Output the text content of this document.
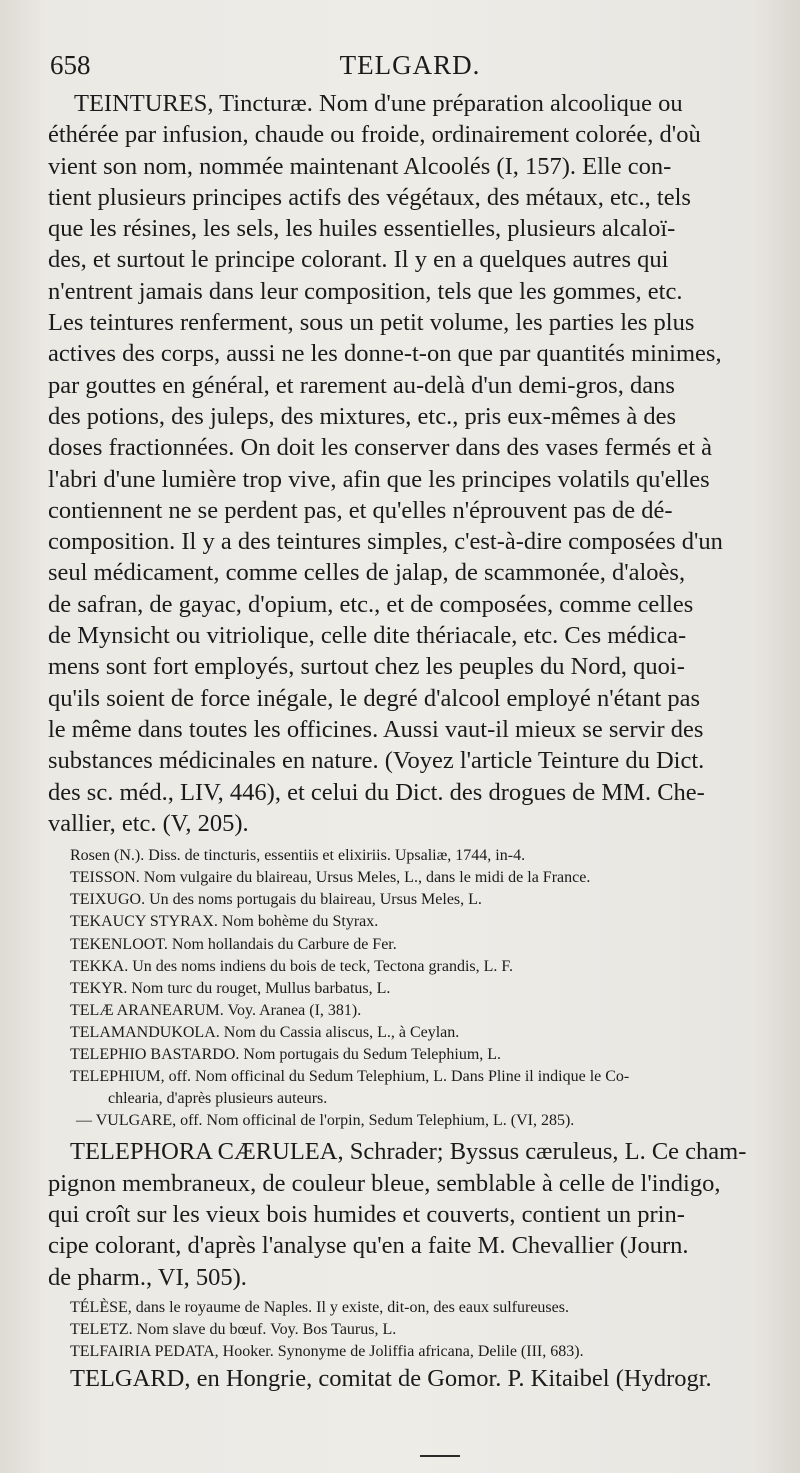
658	TELGARD.
TEINTURES, Tincturæ. Nom d'une préparation alcoolique ou
éthérée par infusion, chaude ou froide, ordinairement colorée, d'où
vient son nom, nommée maintenant Alcoolés (I, 157). Elle con-
tient plusieurs principes actifs des végétaux, des métaux, etc., tels
que les résines, les sels, les huiles essentielles, plusieurs alcaloï-
des, et surtout le principe colorant. Il y en a quelques autres qui
n'entrent jamais dans leur composition, tels que les gommes, etc.
Les teintures renferment, sous un petit volume, les parties les plus
actives des corps, aussi ne les donne-t-on que par quantités minimes,
par gouttes en général, et rarement au-delà d'un demi-gros, dans
des potions, des juleps, des mixtures, etc., pris eux-mêmes à des
doses fractionnées. On doit les conserver dans des vases fermés et à
l'abri d'une lumière trop vive, afin que les principes volatils qu'elles
contiennent ne se perdent pas, et qu'elles n'éprouvent pas de dé-
composition. Il y a des teintures simples, c'est-à-dire composées d'un
seul médicament, comme celles de jalap, de scammonée, d'aloès,
de safran, de gayac, d'opium, etc., et de composées, comme celles
de Mynsicht ou vitriolique, celle dite thériacale, etc. Ces médica-
mens sont fort employés, surtout chez les peuples du Nord, quoi-
qu'ils soient de force inégale, le degré d'alcool employé n'étant pas
le même dans toutes les officines. Aussi vaut-il mieux se servir des
substances médicinales en nature. (Voyez l'article Teinture du Dict.
des sc. méd., LIV, 446), et celui du Dict. des drogues de MM. Che-
vallier, etc. (V, 205).
Rosen (N.). Diss. de tincturis, essentiis et elixiriis. Upsaliæ, 1744, in-4.
TEISSON. Nom vulgaire du blaireau, Ursus Meles, L., dans le midi de la France.
TEIXUGO. Un des noms portugais du blaireau, Ursus Meles, L.
TEKAUCY STYRAX. Nom bohème du Styrax.
TEKENLOOT. Nom hollandais du Carbure de Fer.
TEKKA. Un des noms indiens du bois de teck, Tectona grandis, L. F.
TEKYR. Nom turc du rouget, Mullus barbatus, L.
TELÆ ARANEARUM. Voy. Aranea (I, 381).
TELAMANDUKOLA. Nom du Cassia aliscus, L., à Ceylan.
TELEPHIO BASTARDO. Nom portugais du Sedum Telephium, L.
TELEPHIUM, off. Nom officinal du Sedum Telephium, L. Dans Pline il indique le Co-
chlearia, d'après plusieurs auteurs.
— VULGARE, off. Nom officinal de l'orpin, Sedum Telephium, L. (VI, 285).
TELEPHORA CÆRULEA, Schrader; Byssus cæruleus, L. Ce cham-
pignon membraneux, de couleur bleue, semblable à celle de l'indigo,
qui croît sur les vieux bois humides et couverts, contient un prin-
cipe colorant, d'après l'analyse qu'en a faite M. Chevallier (Journ.
de pharm., VI, 505).
TÉLÈSE, dans le royaume de Naples. Il y existe, dit-on, des eaux sulfureuses.
TELETZ. Nom slave du bœuf. Voy. Bos Taurus, L.
TELFAIRIA PEDATA, Hooker. Synonyme de Joliffia africana, Delile (III, 683).
TELGARD, en Hongrie, comitat de Gomor. P. Kitaibel (Hydrogr.
